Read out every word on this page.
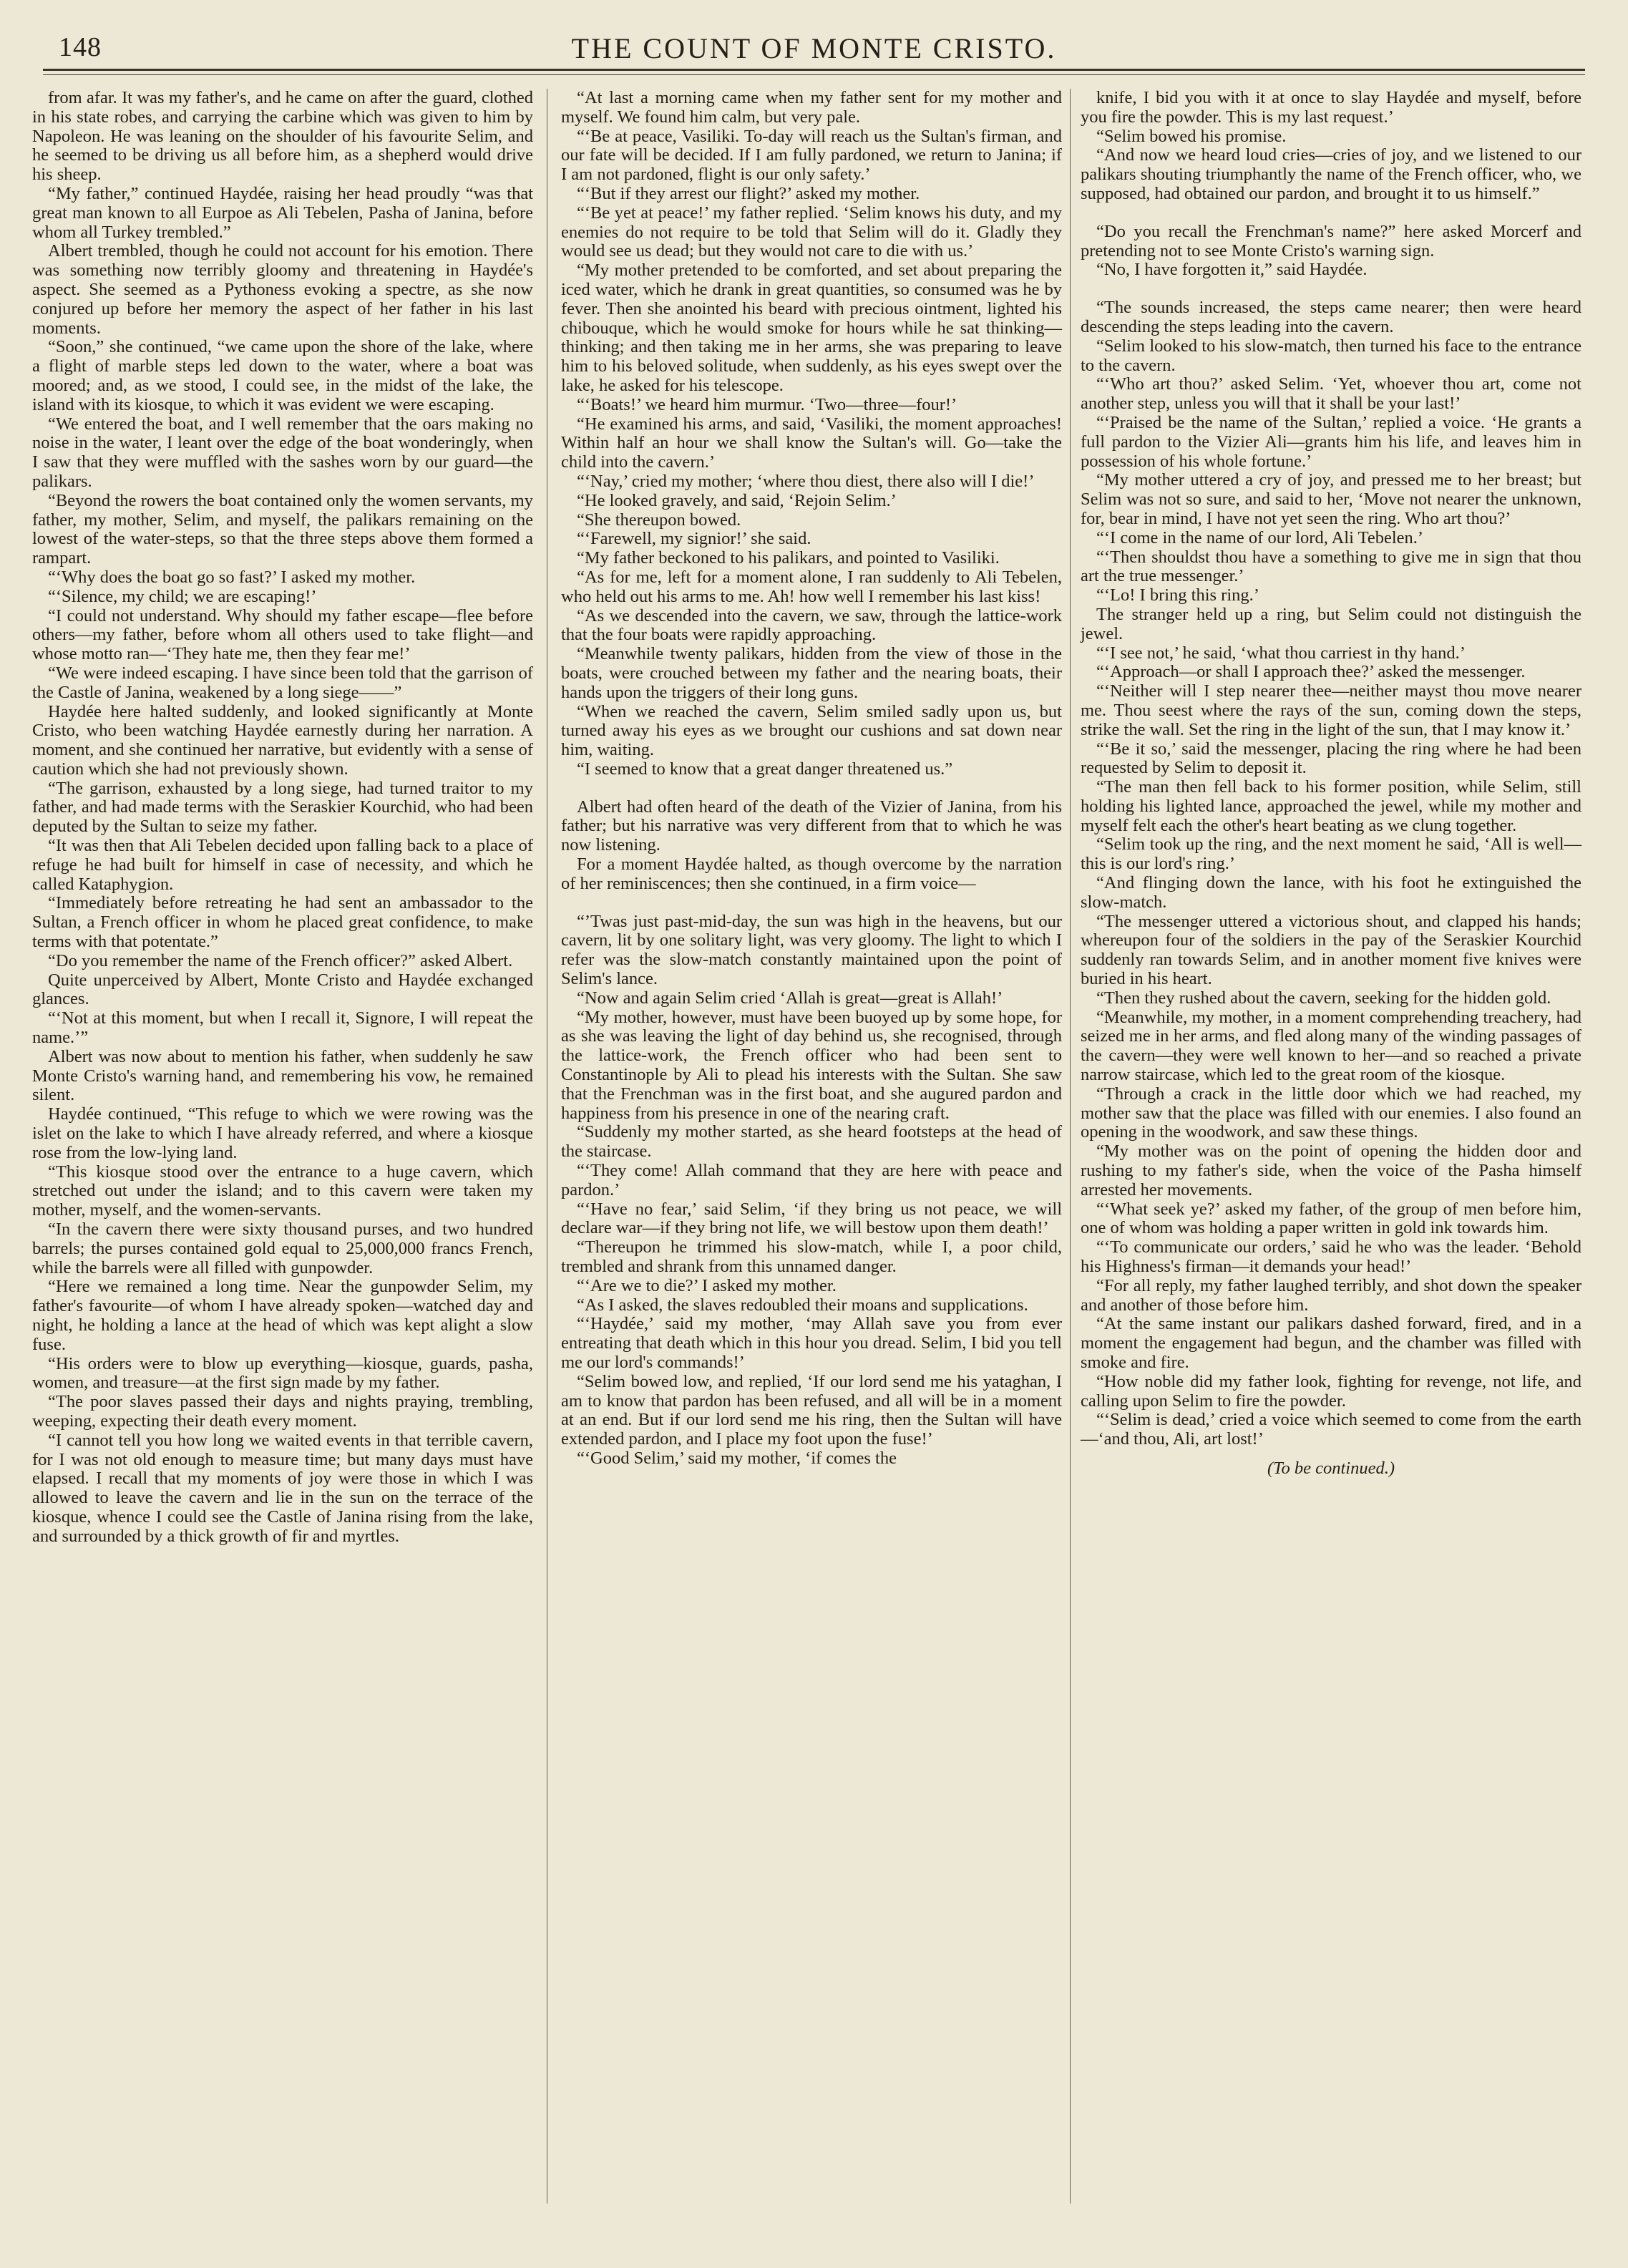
148	THE COUNT OF MONTE CRISTO.

from afar. It was my father's, and he came on after the guard, clothed in his state robes, and carrying the carbine which was given to him by Napoleon. He was leaning on the shoulder of his favourite Selim, and he seemed to be driving us all before him, as a shepherd would drive his sheep.

“My father,” continued Haydée, raising her head proudly “was that great man known to all Eurpoe as Ali Tebelen, Pasha of Janina, before whom all Turkey trembled.”

Albert trembled, though he could not account for his emotion. There was something now terribly gloomy and threatening in Haydée's aspect. She seemed as a Pythoness evoking a spectre, as she now conjured up before her memory the aspect of her father in his last moments.

“Soon,” she continued, “we came upon the shore of the lake, where a flight of marble steps led down to the water, where a boat was moored; and, as we stood, I could see, in the midst of the lake, the island with its kiosque, to which it was evident we were escaping.

“We entered the boat, and I well remember that the oars making no noise in the water, I leant over the edge of the boat wonderingly, when I saw that they were muffled with the sashes worn by our guard—the palikars.

“Beyond the rowers the boat contained only the women servants, my father, my mother, Selim, and myself, the palikars remaining on the lowest of the water-steps, so that the three steps above them formed a rampart.

“‘Why does the boat go so fast?’ I asked my mother.

“‘Silence, my child; we are escaping!’

“I could not understand. Why should my father escape—flee before others—my father, before whom all others used to take flight—and whose motto ran—‘They hate me, then they fear me!’

“We were indeed escaping. I have since been told that the garrison of the Castle of Janina, weakened by a long siege——”

Haydée here halted suddenly, and looked significantly at Monte Cristo, who been watching Haydée earnestly during her narration. A moment, and she continued her narrative, but evidently with a sense of caution which she had not previously shown.

“The garrison, exhausted by a long siege, had turned traitor to my father, and had made terms with the Seraskier Kourchid, who had been deputed by the Sultan to seize my father.

“It was then that Ali Tebelen decided upon falling back to a place of refuge he had built for himself in case of necessity, and which he called Kataphygion.

“Immediately before retreating he had sent an ambassador to the Sultan, a French officer in whom he placed great confidence, to make terms with that potentate.”

“Do you remember the name of the French officer?” asked Albert.

Quite unperceived by Albert, Monte Cristo and Haydée exchanged glances.

“‘Not at this moment, but when I recall it, Signore, I will repeat the name.’”

Albert was now about to mention his father, when suddenly he saw Monte Cristo's warning hand, and remembering his vow, he remained silent.

Haydée continued, “This refuge to which we were rowing was the islet on the lake to which I have already referred, and where a kiosque rose from the low-lying land.

“This kiosque stood over the entrance to a huge cavern, which stretched out under the island; and to this cavern were taken my mother, myself, and the women-servants.

“In the cavern there were sixty thousand purses, and two hundred barrels; the purses contained gold equal to 25,000,000 francs French, while the barrels were all filled with gunpowder.

“Here we remained a long time. Near the gunpowder Selim, my father's favourite—of whom I have already spoken—watched day and night, he holding a lance at the head of which was kept alight a slow fuse.

“His orders were to blow up everything—kiosque, guards, pasha, women, and treasure—at the first sign made by my father.

“The poor slaves passed their days and nights praying, trembling, weeping, expecting their death every moment.

“I cannot tell you how long we waited events in that terrible cavern, for I was not old enough to measure time; but many days must have elapsed. I recall that my moments of joy were those in which I was allowed to leave the cavern and lie in the sun on the terrace of the kiosque, whence I could see the Castle of Janina rising from the lake, and surrounded by a thick growth of fir and myrtles.

“At last a morning came when my father sent for my mother and myself. We found him calm, but very pale.

“‘Be at peace, Vasiliki. To-day will reach us the Sultan's firman, and our fate will be decided. If I am fully pardoned, we return to Janina; if I am not pardoned, flight is our only safety.’

“‘But if they arrest our flight?’ asked my mother.

“‘Be yet at peace!’ my father replied. ‘Selim knows his duty, and my enemies do not require to be told that Selim will do it. Gladly they would see us dead; but they would not care to die with us.’

“My mother pretended to be comforted, and set about preparing the iced water, which he drank in great quantities, so consumed was he by fever. Then she anointed his beard with precious ointment, lighted his chibouque, which he would smoke for hours while he sat thinking—thinking; and then taking me in her arms, she was preparing to leave him to his beloved solitude, when suddenly, as his eyes swept over the lake, he asked for his telescope.

“‘Boats!’ we heard him murmur. ‘Two—three—four!’

“He examined his arms, and said, ‘Vasiliki, the moment approaches! Within half an hour we shall know the Sultan's will. Go—take the child into the cavern.’

“‘Nay,’ cried my mother; ‘where thou diest, there also will I die!’

“He looked gravely, and said, ‘Rejoin Selim.’

“She thereupon bowed.

“‘Farewell, my signior!’ she said.

“My father beckoned to his palikars, and pointed to Vasiliki.

“As for me, left for a moment alone, I ran suddenly to Ali Tebelen, who held out his arms to me. Ah! how well I remember his last kiss!

“As we descended into the cavern, we saw, through the lattice-work that the four boats were rapidly approaching.

“Meanwhile twenty palikars, hidden from the view of those in the boats, were crouched between my father and the nearing boats, their hands upon the triggers of their long guns.

“When we reached the cavern, Selim smiled sadly upon us, but turned away his eyes as we brought our cushions and sat down near him, waiting.

“I seemed to know that a great danger threatened us.”

Albert had often heard of the death of the Vizier of Janina, from his father; but his narrative was very different from that to which he was now listening.

For a moment Haydée halted, as though overcome by the narration of her reminiscences; then she continued, in a firm voice—

“’Twas just past-mid-day, the sun was high in the heavens, but our cavern, lit by one solitary light, was very gloomy. The light to which I refer was the slow-match constantly maintained upon the point of Selim's lance.

“Now and again Selim cried ‘Allah is great—great is Allah!’

“My mother, however, must have been buoyed up by some hope, for as she was leaving the light of day behind us, she recognised, through the lattice-work, the French officer who had been sent to Constantinople by Ali to plead his interests with the Sultan. She saw that the Frenchman was in the first boat, and she augured pardon and happiness from his presence in one of the nearing craft.

“Suddenly my mother started, as she heard footsteps at the head of the staircase.

“‘They come! Allah command that they are here with peace and pardon.’

“‘Have no fear,’ said Selim, ‘if they bring us not peace, we will declare war—if they bring not life, we will bestow upon them death!’

“Thereupon he trimmed his slow-match, while I, a poor child, trembled and shrank from this unnamed danger.

“‘Are we to die?’ I asked my mother.

“As I asked, the slaves redoubled their moans and supplications.

“‘Haydée,’ said my mother, ‘may Allah save you from ever entreating that death which in this hour you dread. Selim, I bid you tell me our lord's commands!’

“Selim bowed low, and replied, ‘If our lord send me his yataghan, I am to know that pardon has been refused, and all will be in a moment at an end. But if our lord send me his ring, then the Sultan will have extended pardon, and I place my foot upon the fuse!’

“‘Good Selim,’ said my mother, ‘if comes the

knife, I bid you with it at once to slay Haydée and myself, before you fire the powder. This is my last request.’

“Selim bowed his promise.

“And now we heard loud cries—cries of joy, and we listened to our palikars shouting triumphantly the name of the French officer, who, we supposed, had obtained our pardon, and brought it to us himself.”

“Do you recall the Frenchman's name?” here asked Morcerf and pretending not to see Monte Cristo's warning sign.

“No, I have forgotten it,” said Haydée.

“The sounds increased, the steps came nearer; then were heard descending the steps leading into the cavern.

“Selim looked to his slow-match, then turned his face to the entrance to the cavern.

“‘Who art thou?’ asked Selim. ‘Yet, whoever thou art, come not another step, unless you will that it shall be your last!’

“‘Praised be the name of the Sultan,’ replied a voice. ‘He grants a full pardon to the Vizier Ali—grants him his life, and leaves him in possession of his whole fortune.’

“My mother uttered a cry of joy, and pressed me to her breast; but Selim was not so sure, and said to her, ‘Move not nearer the unknown, for, bear in mind, I have not yet seen the ring. Who art thou?’

“‘I come in the name of our lord, Ali Tebelen.’

“‘Then shouldst thou have a something to give me in sign that thou art the true messenger.’

“‘Lo! I bring this ring.’

The stranger held up a ring, but Selim could not distinguish the jewel.

“‘I see not,’ he said, ‘what thou carriest in thy hand.’

“‘Approach—or shall I approach thee?’ asked the messenger.

“‘Neither will I step nearer thee—neither mayst thou move nearer me. Thou seest where the rays of the sun, coming down the steps, strike the wall. Set the ring in the light of the sun, that I may know it.’

“‘Be it so,’ said the messenger, placing the ring where he had been requested by Selim to deposit it.

“The man then fell back to his former position, while Selim, still holding his lighted lance, approached the jewel, while my mother and myself felt each the other's heart beating as we clung together.

“Selim took up the ring, and the next moment he said, ‘All is well—this is our lord's ring.’

“And flinging down the lance, with his foot he extinguished the slow-match.

“The messenger uttered a victorious shout, and clapped his hands; whereupon four of the soldiers in the pay of the Seraskier Kourchid suddenly ran towards Selim, and in another moment five knives were buried in his heart.

“Then they rushed about the cavern, seeking for the hidden gold.

“Meanwhile, my mother, in a moment comprehending treachery, had seized me in her arms, and fled along many of the winding passages of the cavern—they were well known to her—and so reached a private narrow staircase, which led to the great room of the kiosque.

“Through a crack in the little door which we had reached, my mother saw that the place was filled with our enemies. I also found an opening in the woodwork, and saw these things.

“My mother was on the point of opening the hidden door and rushing to my father's side, when the voice of the Pasha himself arrested her movements.

“‘What seek ye?’ asked my father, of the group of men before him, one of whom was holding a paper written in gold ink towards him.

“‘To communicate our orders,’ said he who was the leader. ‘Behold his Highness's firman—it demands your head!’

“For all reply, my father laughed terribly, and shot down the speaker and another of those before him.

“At the same instant our palikars dashed forward, fired, and in a moment the engagement had begun, and the chamber was filled with smoke and fire.

“How noble did my father look, fighting for revenge, not life, and calling upon Selim to fire the powder.

“‘Selim is dead,’ cried a voice which seemed to come from the earth—‘and thou, Ali, art lost!’

(To be continued.)
